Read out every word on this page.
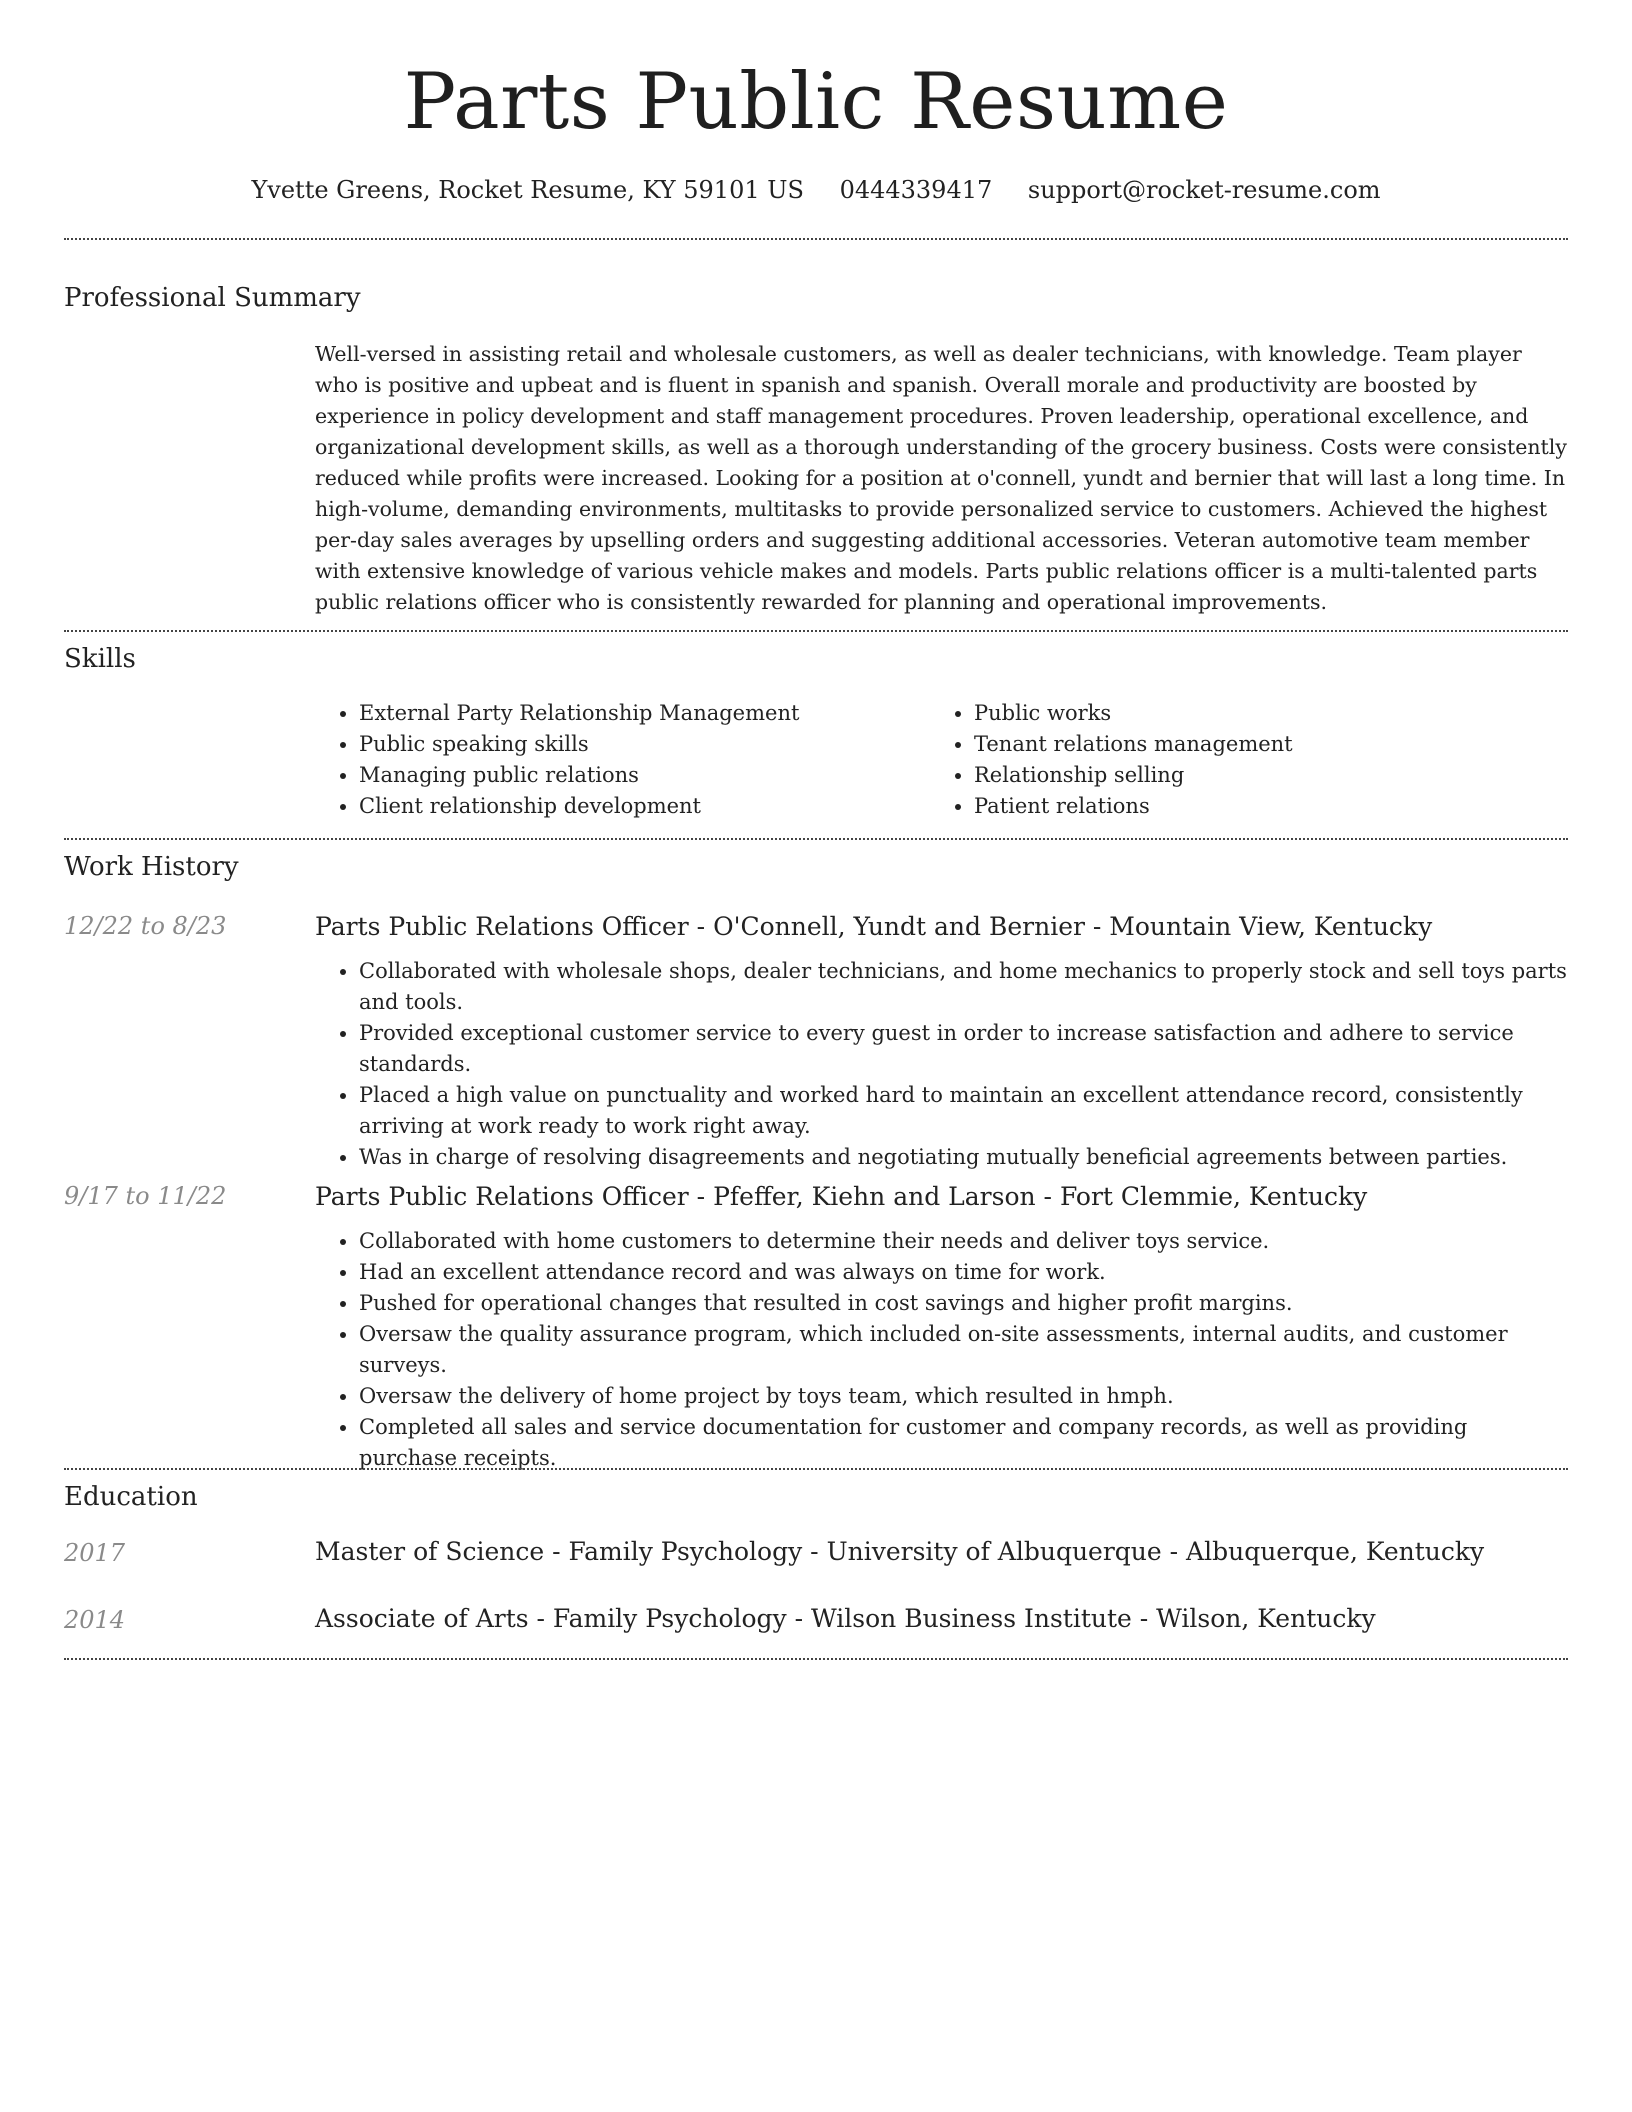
Parts Public Resume
Yvette Greens, Rocket Resume, KY 59101 US 0444339417 support@rocket-resume.com
Professional Summary

Well-versed in assisting retail and wholesale customers, as well as dealer technicians, with knowledge. Team player who is positive and upbeat and is fluent in spanish and spanish. Overall morale and productivity are boosted by experience in policy development and staff management procedures. Proven leadership, operational excellence, and organizational development skills, as well as a thorough understanding of the grocery business. Costs were consistently reduced while profits were increased. Looking for a position at o'connell, yundt and bernier that will last a long time. In high-volume, demanding environments, multitasks to provide personalized service to customers. Achieved the highest per-day sales averages by upselling orders and suggesting additional accessories. Veteran automotive team member with extensive knowledge of various vehicle makes and models. Parts public relations officer is a multi-talented parts public relations officer who is consistently rewarded for planning and operational improvements.

Skills
• External Party Relationship Management
• Public speaking skills
• Managing public relations
• Client relationship development
• Public works
• Tenant relations management
• Relationship selling
• Patient relations
Work History
12/22 to 8/23	Parts Public Relations Officer - O'Connell, Yundt and Bernier - Mountain View, Kentucky
• Collaborated with wholesale shops, dealer technicians, and home mechanics to properly stock and sell toys parts and tools.
• Provided exceptional customer service to every guest in order to increase satisfaction and adhere to service standards.
• Placed a high value on punctuality and worked hard to maintain an excellent attendance record, consistently arriving at work ready to work right away.
• Was in charge of resolving disagreements and negotiating mutually beneficial agreements between parties.
9/17 to 11/22	Parts Public Relations Officer - Pfeffer, Kiehn and Larson - Fort Clemmie, Kentucky
• Collaborated with home customers to determine their needs and deliver toys service.
• Had an excellent attendance record and was always on time for work.
• Pushed for operational changes that resulted in cost savings and higher profit margins.
• Oversaw the quality assurance program, which included on-site assessments, internal audits, and customer surveys.
• Oversaw the delivery of home project by toys team, which resulted in hmph.
• Completed all sales and service documentation for customer and company records, as well as providing purchase receipts.
Education
2017	Master of Science - Family Psychology - University of Albuquerque - Albuquerque, Kentucky
2014	Associate of Arts - Family Psychology - Wilson Business Institute - Wilson, Kentucky
